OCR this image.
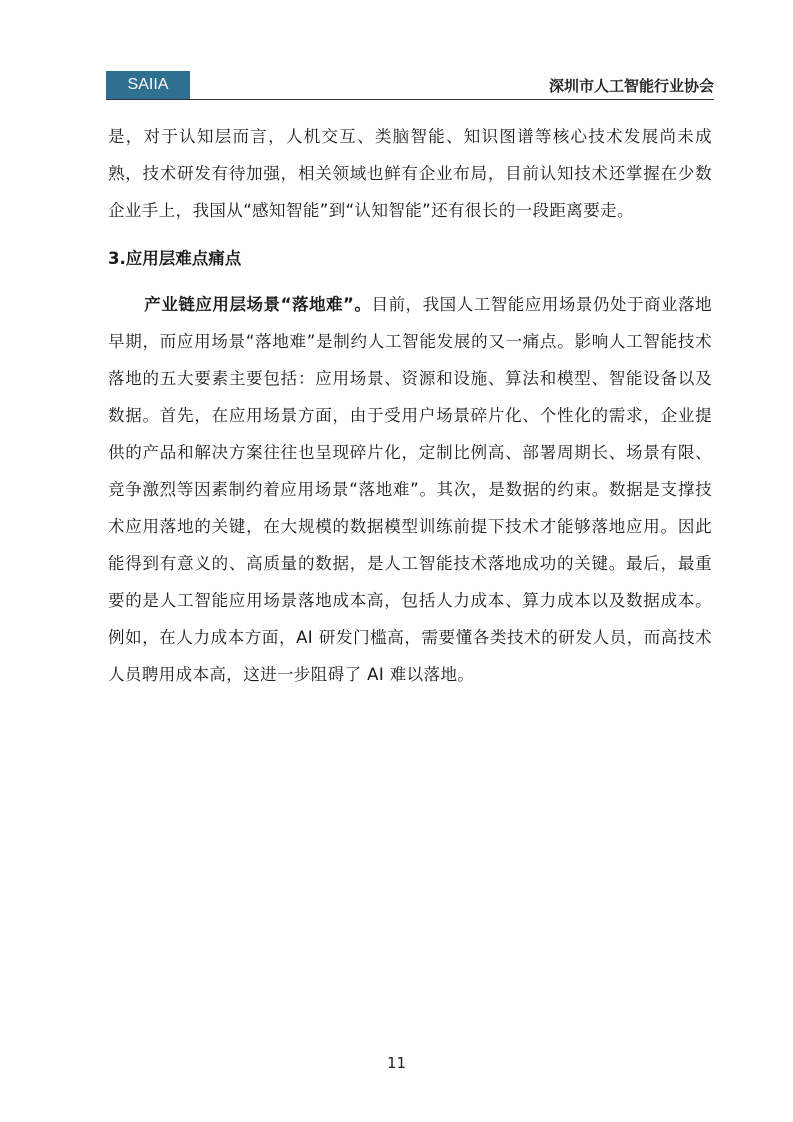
SAIIA	深圳市人工智能行业协会

是，对于认知层而言，人机交互、类脑智能、知识图谱等核心技术发展尚未成熟，技术研发有待加强，相关领域也鲜有企业布局，目前认知技术还掌握在少数企业手上，我国从“感知智能”到“认知智能”还有很长的一段距离要走。

3.应用层难点痛点

产业链应用层场景“落地难”。目前，我国人工智能应用场景仍处于商业落地早期，而应用场景“落地难”是制约人工智能发展的又一痛点。影响人工智能技术落地的五大要素主要包括：应用场景、资源和设施、算法和模型、智能设备以及数据。首先，在应用场景方面，由于受用户场景碎片化、个性化的需求，企业提供的产品和解决方案往往也呈现碎片化，定制比例高、部署周期长、场景有限、竞争激烈等因素制约着应用场景“落地难”。其次，是数据的约束。数据是支撑技术应用落地的关键，在大规模的数据模型训练前提下技术才能够落地应用。因此能得到有意义的、高质量的数据，是人工智能技术落地成功的关键。最后，最重要的是人工智能应用场景落地成本高，包括人力成本、算力成本以及数据成本。例如，在人力成本方面，AI 研发门槛高，需要懂各类技术的研发人员，而高技术人员聘用成本高，这进一步阻碍了 AI 难以落地。

11
